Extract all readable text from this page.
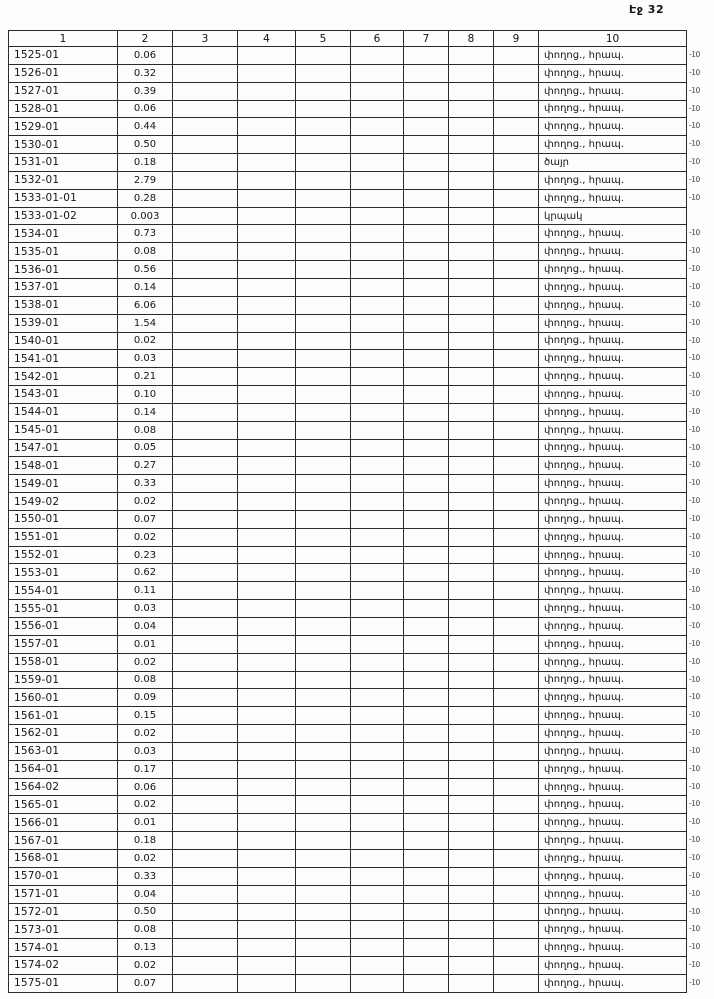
Էջ 32
1	2	3	4	5	6	7	8	9	10
1525-01	0.06								փողոց., հրապ.
1526-01	0.32								փողոց., հրապ.
1527-01	0.39								փողոց., հրապ.
1528-01	0.06								փողոց., հրապ.
1529-01	0.44								փողոց., հրապ.
1530-01	0.50								փողոց., հրապ.
1531-01	0.18								ծայր
1532-01	2.79								փողոց., հրապ.
1533-01-01	0.28								փողոց., հրապ.
1533-01-02	0.003								կրպակ
1534-01	0.73								փողոց., հրապ.
1535-01	0.08								փողոց., հրապ.
1536-01	0.56								փողոց., հրապ.
1537-01	0.14								փողոց., հրապ.
1538-01	6.06								փողոց., հրապ.
1539-01	1.54								փողոց., հրապ.
1540-01	0.02								փողոց., հրապ.
1541-01	0.03								փողոց., հրապ.
1542-01	0.21								փողոց., հրապ.
1543-01	0.10								փողոց., հրապ.
1544-01	0.14								փողոց., հրապ.
1545-01	0.08								փողոց., հրապ.
1547-01	0.05								փողոց., հրապ.
1548-01	0.27								փողոց., հրապ.
1549-01	0.33								փողոց., հրապ.
1549-02	0.02								փողոց., հրապ.
1550-01	0.07								փողոց., հրապ.
1551-01	0.02								փողոց., հրապ.
1552-01	0.23								փողոց., հրապ.
1553-01	0.62								փողոց., հրապ.
1554-01	0.11								փողոց., հրապ.
1555-01	0.03								փողոց., հրապ.
1556-01	0.04								փողոց., հրապ.
1557-01	0.01								փողոց., հրապ.
1558-01	0.02								փողոց., հրապ.
1559-01	0.08								փողոց., հրապ.
1560-01	0.09								փողոց., հրապ.
1561-01	0.15								փողոց., հրապ.
1562-01	0.02								փողոց., հրապ.
1563-01	0.03								փողոց., հրապ.
1564-01	0.17								փողոց., հրապ.
1564-02	0.06								փողոց., հրապ.
1565-01	0.02								փողոց., հրապ.
1566-01	0.01								փողոց., հրապ.
1567-01	0.18								փողոց., հրապ.
1568-01	0.02								փողոց., հրապ.
1570-01	0.33								փողոց., հրապ.
1571-01	0.04								փողոց., հրապ.
1572-01	0.50								փողոց., հրապ.
1573-01	0.08								փողոց., հրապ.
1574-01	0.13								փողոց., հրապ.
1574-02	0.02								փողոց., հրապ.
1575-01	0.07								փողոց., հրապ.
-10
-10
-10
-10
-10
-10
-10
-10
-10
-10
-10
-10
-10
-10
-10
-10
-10
-10
-10
-10
-10
-10
-10
-10
-10
-10
-10
-10
-10
-10
-10
-10
-10
-10
-10
-10
-10
-10
-10
-10
-10
-10
-10
-10
-10
-10
-10
-10
-10
-10
-10
-10
